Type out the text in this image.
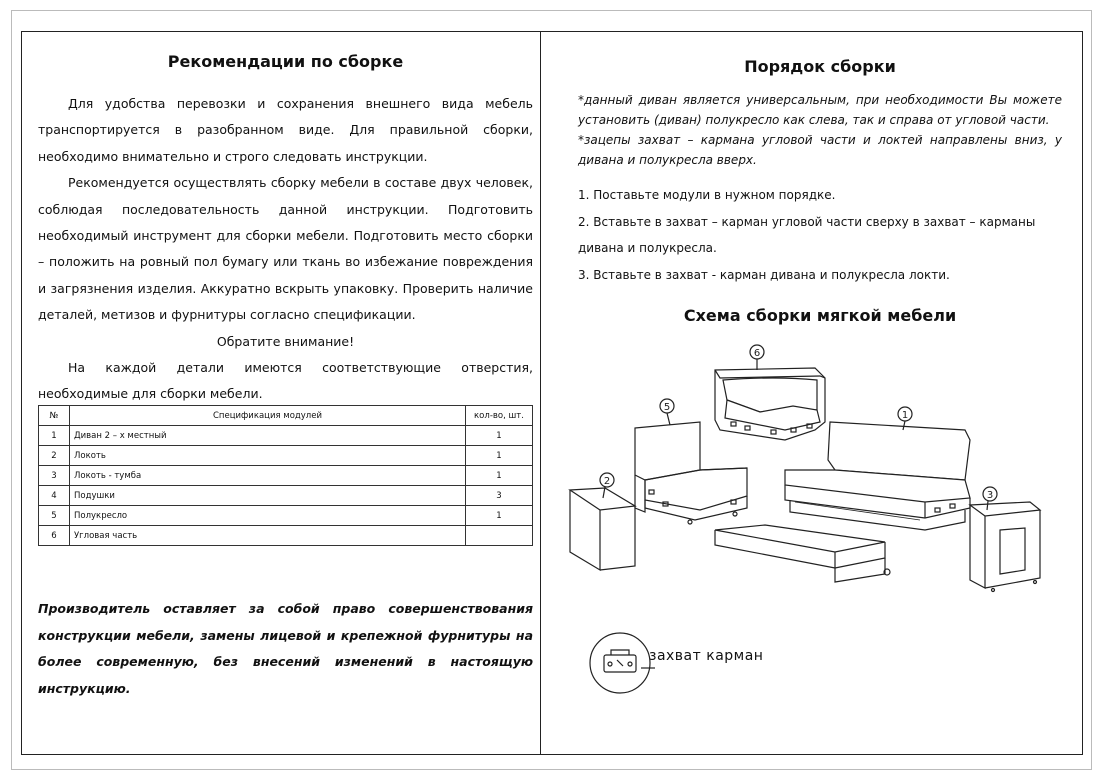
Рекомендации по сборке

Для удобства перевозки и сохранения внешнего вида мебель транспортируется в разобранном виде. Для правильной сборки, необходимо внимательно и строго следовать инструкции.

Рекомендуется осуществлять сборку мебели в составе двух человек, соблюдая последовательность данной инструкции. Подготовить необходимый инструмент для сборки мебели. Подготовить место сборки – положить на ровный пол бумагу или ткань во избежание повреждения и загрязнения изделия. Аккуратно вскрыть упаковку. Проверить наличие деталей, метизов и фурнитуры согласно спецификации.

Обратите внимание!

На каждой детали имеются соответствующие отверстия, необходимые для сборки мебели.

№	Спецификация модулей	кол-во, шт.
1	Диван 2 – х местный	1
2	Локоть	1
3	Локоть - тумба	1
4	Подушки	3
5	Полукресло	1
6	Угловая часть	
Производитель оставляет за собой право совершенствования конструкции мебели, замены лицевой и крепежной фурнитуры на более современную, без внесений изменений в настоящую инструкцию.
Порядок сборки

*данный диван является универсальным, при необходимости Вы можете установить (диван) полукресло как слева, так и справа от угловой части.

*зацепы захват – кармана угловой части и локтей направлены вниз, у дивана и полукресла вверх.

1. Поставьте модули в нужном порядке.

2. Вставьте в захват – карман угловой части сверху в захват – карманы дивана и полукресла.

3. Вставьте в захват - карман дивана и полукресла локти.

Схема сборки мягкой мебели
6
5
1
2
3
захват карман
